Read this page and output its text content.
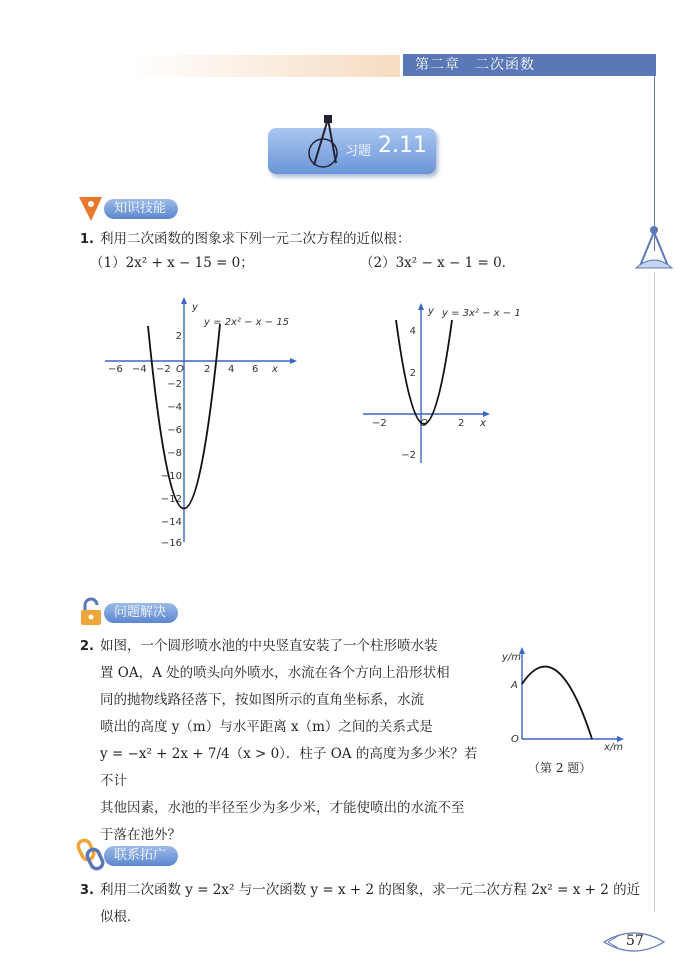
第二章　二次函数
习题 2.11
知识技能
1. 利用二次函数的图象求下列一元二次方程的近似根：
（1）2x² + x − 15 = 0；	（2）3x² − x − 1 = 0.
y
x
O
y = 2x² − x − 15
−6 −4 −2	2 4 6
2
−2
−4
−6
−8
−10
−12
−14
−16
y
x
O
y = 3x² − x − 1
−2	2
4
2
−2
问题解决
2. 如图，一个圆形喷水池的中央竖直安装了一个柱形喷水装
置 OA，A 处的喷头向外喷水，水流在各个方向上沿形状相
同的抛物线路径落下，按如图所示的直角坐标系，水流
喷出的高度 y（m）与水平距离 x（m）之间的关系式是
y = −x² + 2x + 7/4（x > 0）．柱子 OA 的高度为多少米？若不计
其他因素，水池的半径至少为多少米，才能使喷出的水流不至
于落在池外？
y/m
x/m
A
O
（第 2 题）
联系拓广
3. 利用二次函数 y = 2x² 与一次函数 y = x + 2 的图象，求一元二次方程 2x² = x + 2 的近
似根．
57
